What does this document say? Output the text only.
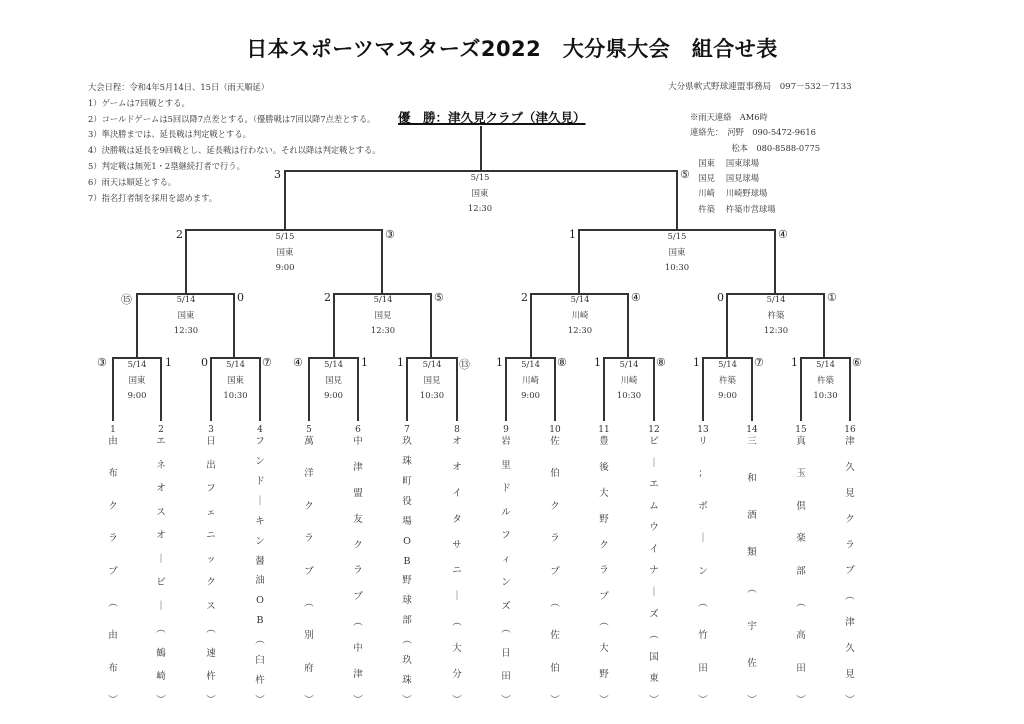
日本スポーツマスターズ2022　大分県大会　組合せ表
大会日程：令和4年5月14日、15日（雨天順延）
1）ゲームは7回戦とする。
2）コールドゲームは5回以降7点差とする。（優勝戦は7回以降7点差とする。
3）準決勝までは、延長戦は判定戦とする。
4）決勝戦は延長を9回戦とし、延長戦は行わない。それ以降は判定戦とする。
5）判定戦は無死1・2塁継続打者で行う。
6）雨天は順延とする。
7）指名打者制を採用を認めます。
大分県軟式野球連盟事務局　097－532－7133
優　勝：津久見クラブ（津久見）	※雨天連絡　AM6時
連絡先：　河野　090-5472-9616
　　　　　松本　080-8588-0775
　国東　 国東球場
　国見　 国見球場
　川崎　 川崎野球場
　杵築　 杵築市営球場
5/15
国東
12:30
3	⑤
5/15
国東
9:00
2	③	5/15
国東
10:30
1	④
5/14
国東
12:30
⑮	0	5/14
国見
12:30
2	⑤	5/14
川崎
12:30
2	④	5/14
杵築
12:30
0	①
5/14
国東
9:00
③	1	5/14
国東
10:30
0	⑦	5/14
国見
9:00
④	1	5/14
国見
10:30
1	⑬	5/14
川崎
9:00
1	⑧	5/14
川崎
10:30
1	⑧	5/14
杵築
9:00
1	⑦	5/14
杵築
10:30
1	⑥
1
由
布
ク
ラ
ブ
︵
由
布
︶
2
エ
ネ
オ
ス
オ
｜
ビ
｜
︵
鶴
崎
︶
3
日
出
フ
ェ
ニ
ッ
ク
ス
︵
速
杵
︶
4
フ
ン
ド
｜
キ
ン
醤
油
O
B
︵
臼
杵
︶
5
萬
洋
ク
ラ
ブ
︵
別
府
︶
6
中
津
盟
友
ク
ラ
ブ
︵
中
津
︶
7
玖
珠
町
役
場
O
B
野
球
部
︵
玖
珠
︶
8
オ
オ
イ
タ
サ
ニ
｜
︵
大
分
︶
9
岩
里
ド
ル
フ
ィ
ン
ズ
︵
日
田
︶
10
佐
伯
ク
ラ
ブ
︵
佐
伯
︶
11
豊
後
大
野
ク
ラ
ブ
︵
大
野
︶
12
ビ
｜
エ
ム
ウ
イ
ナ
｜
ズ
︵
国
東
︶
13
リ
；
ボ
｜
ン
︵
竹
田
︶
14
三
和
酒
類
︵
宇
佐
︶
15
真
玉
倶
楽
部
︵
高
田
︶
16
津
久
見
ク
ラ
ブ
︵
津
久
見
︶
